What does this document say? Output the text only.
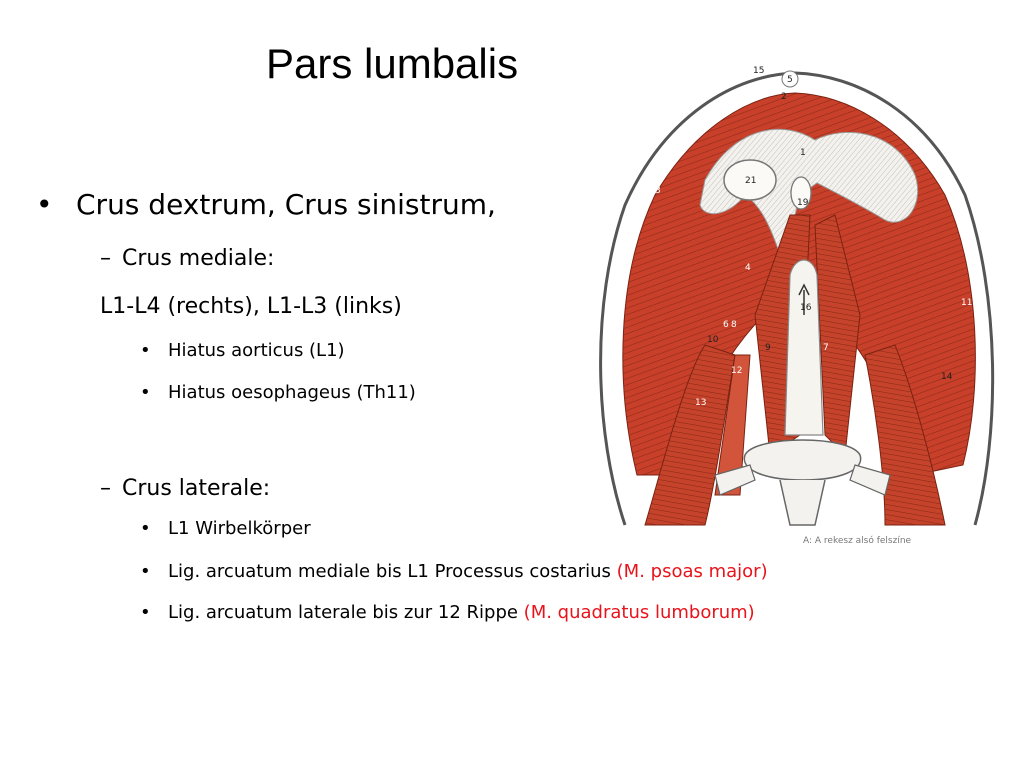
Pars lumbalis
• Crus dextrum, Crus sinistrum,
– Crus mediale:
L1-L4 (rechts), L1-L3 (links)
• Hiatus aorticus (L1)
• Hiatus oesophageus (Th11)
– Crus laterale:
• L1 Wirbelkörper
• Lig. arcuatum mediale bis L1 Processus costarius (M. psoas major)
• Lig. arcuatum laterale bis zur 12 Rippe (M. quadratus lumborum)
15
5
2
1
21
3
19
4
16
6 8
10
9
12
7
13
14
11
A: A rekesz alsó felszíne
